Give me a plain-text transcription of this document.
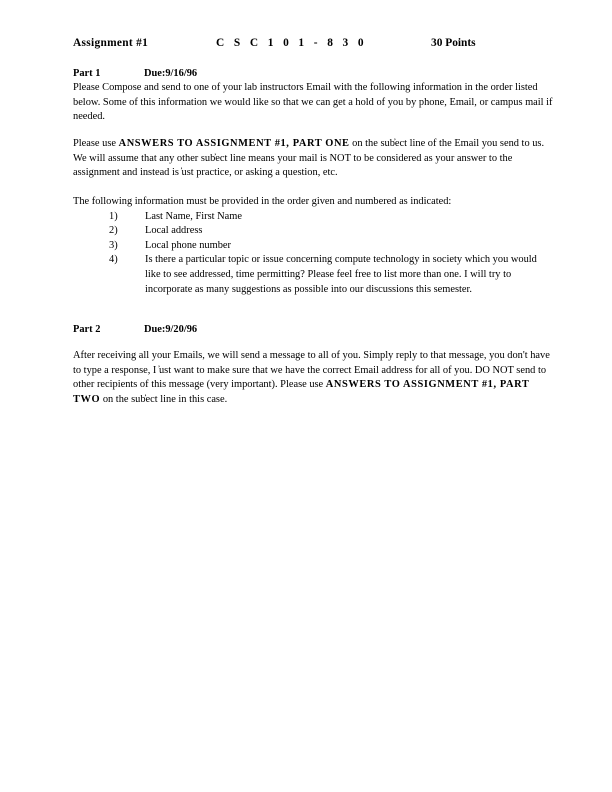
Assignment #1	C S C 1 0 1 - 8 3 0	30 Points
Part 1	Due:9/16/96

Please Compose and send to one of your lab instructors Email with the following information in the order listed below. Some of this information we would like so that we can get a hold of you by phone, Email, or campus mail if needed.

Please use ANSWERS TO ASSIGNMENT #1, PART ONE on the sub̓ect line of the Email you send to us. We will assume that any other sub̓ect line means your mail is NOT to be considered as your answer to the assignment and instead is ̓ust practice, or asking a question, etc.

The following information must be provided in the order given and numbered as indicated:

1)	Last Name, First Name
2)	Local address
3)	Local phone number
4)	Is there a particular topic or issue concerning compute technology in society which you would like to see addressed, time permitting? Please feel free to list more than one. I will try to incorporate as many suggestions as possible into our discussions this semester.
Part 2	Due:9/20/96

After receiving all your Emails, we will send a message to all of you. Simply reply to that message, you don't have to type a response, I ̓ust want to make sure that we have the correct Email address for all of you. DO NOT send to other recipients of this message (very important). Please use ANSWERS TO ASSIGNMENT #1, PART TWO on the sub̓ect line in this case.
